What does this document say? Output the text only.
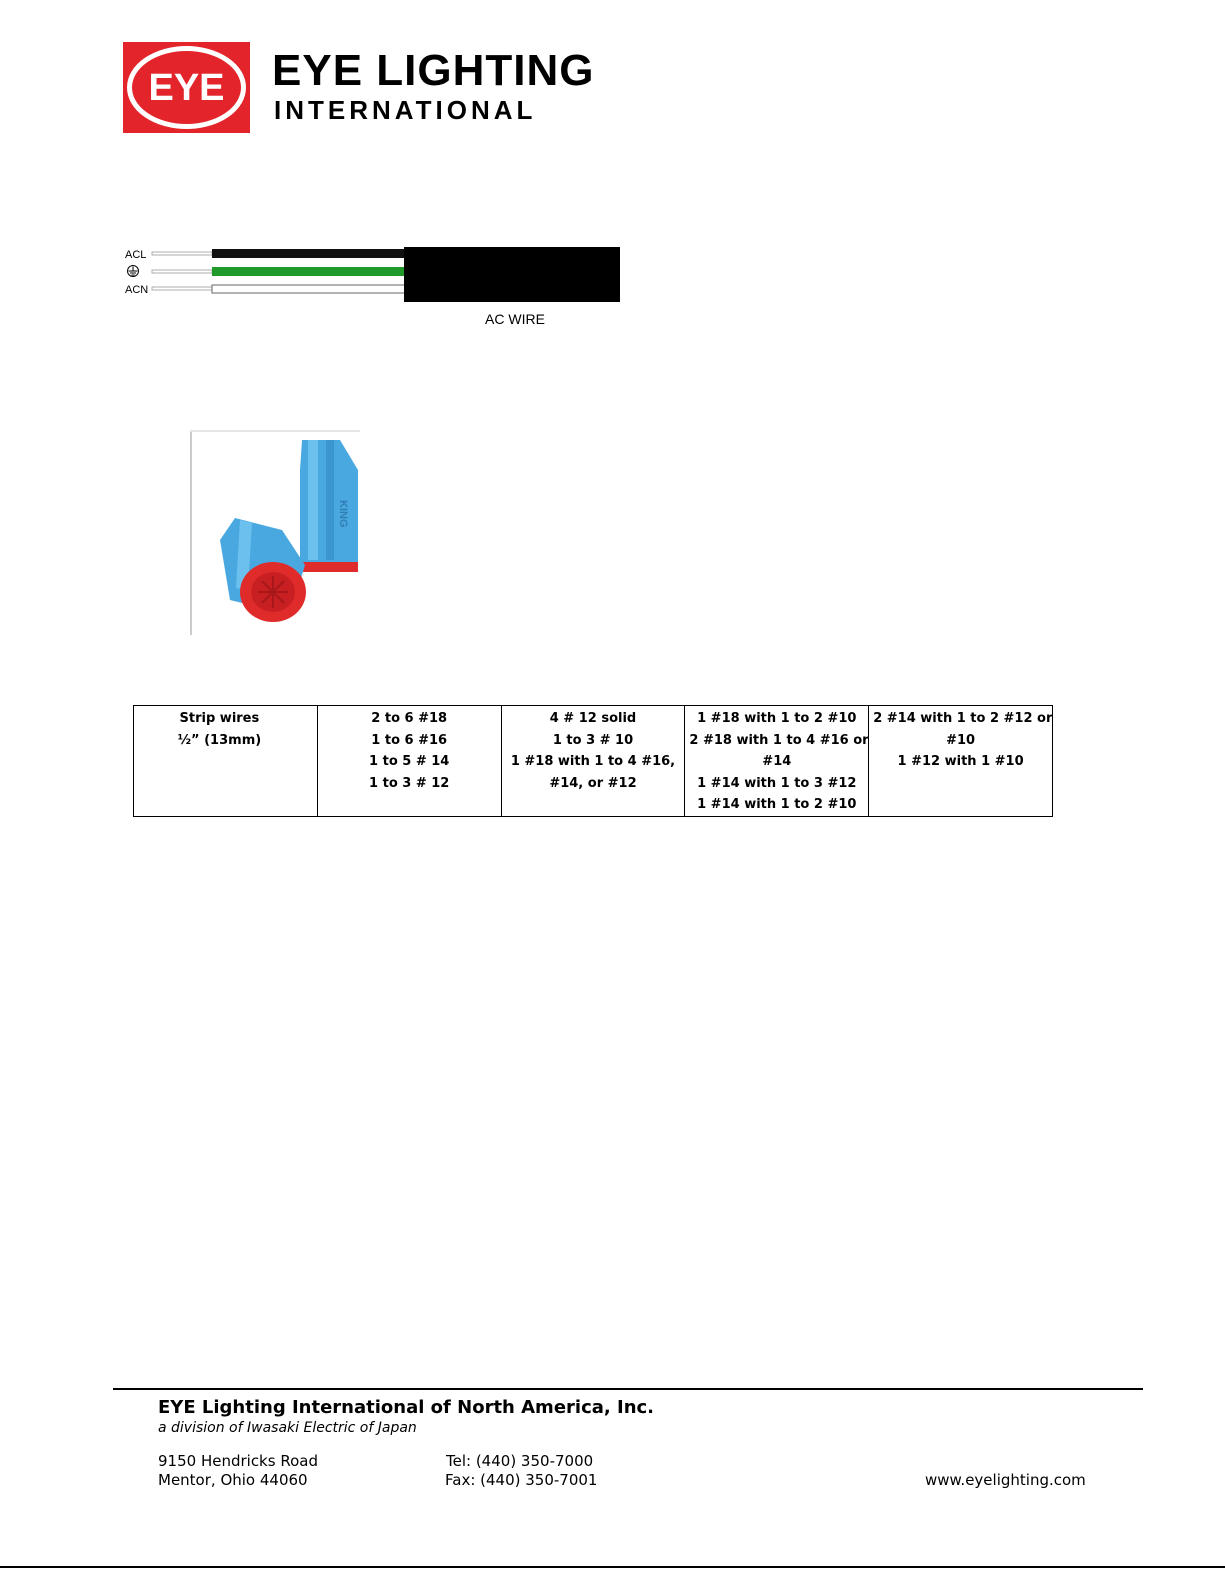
EYE EYE LIGHTING
INTERNATIONAL
ACL
ACN
AC WIRE
KING
Strip wires
½” (13mm)

2 to 6 #18
1 to 6 #16
1 to 5 # 14
1 to 3 # 12

4 # 12 solid
1 to 3 # 10
1 #18 with 1 to 4 #16,
#14, or #12

1 #18 with 1 to 2 #10
2 #18 with 1 to 4 #16 or
#14
1 #14 with 1 to 3 #12
1 #14 with 1 to 2 #10

2 #14 with 1 to 2 #12 or
#10
1 #12 with 1 #10
EYE Lighting International of North America, Inc.
a division of Iwasaki Electric of Japan
9150 Hendricks Road
Mentor, Ohio 44060
Tel: (440) 350-7000
Fax: (440) 350-7001	www.eyelighting.com
